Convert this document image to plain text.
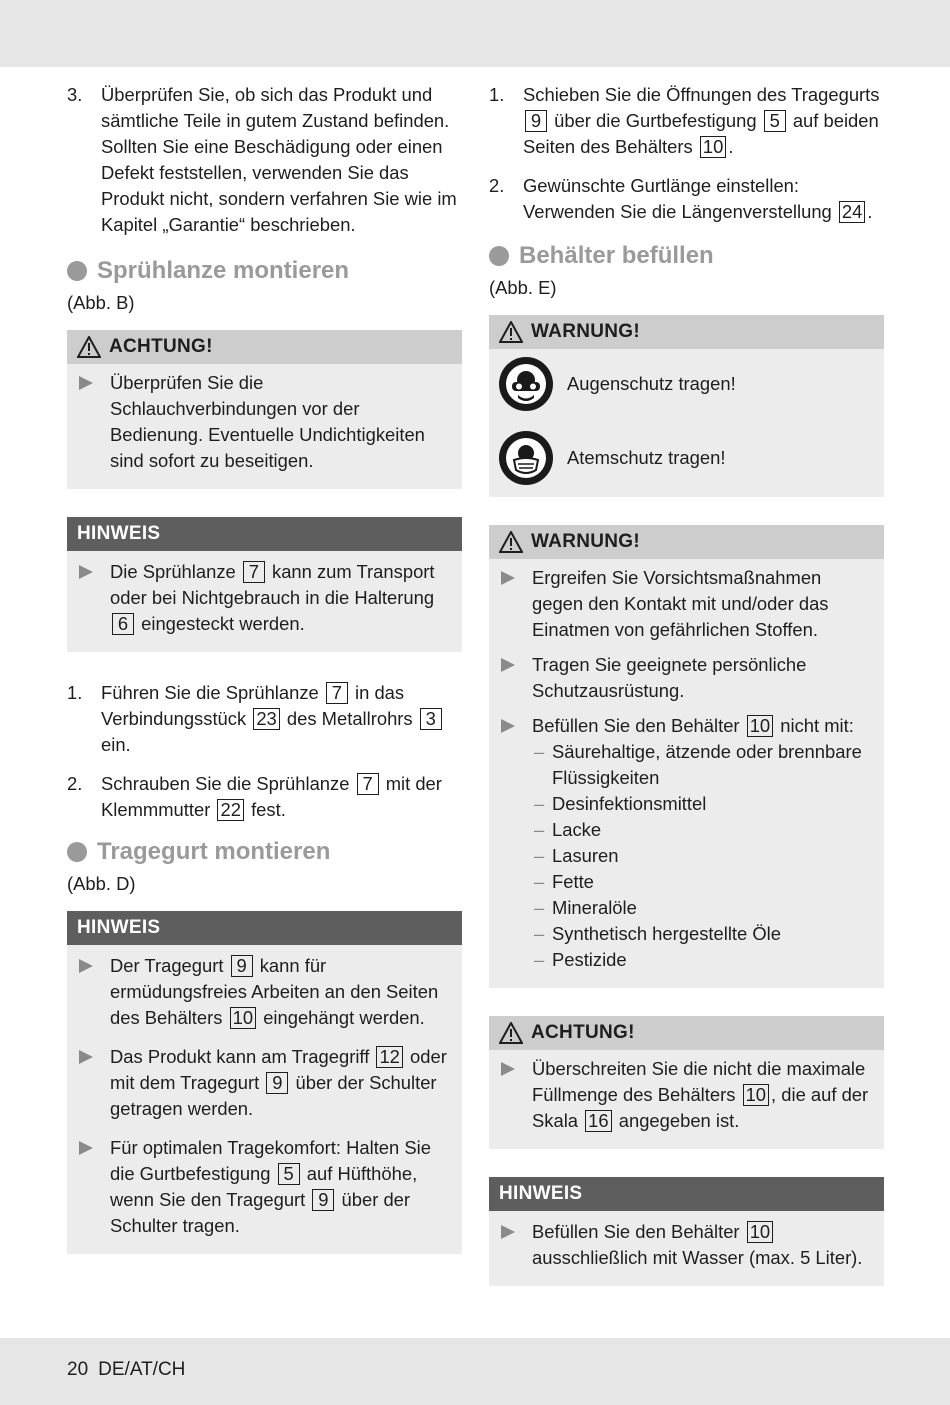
3. Überprüfen Sie, ob sich das Produkt und sämtliche Teile in gutem Zustand befinden. Sollten Sie eine Beschädigung oder einen Defekt feststellen, verwenden Sie das Produkt nicht, sondern verfahren Sie wie im Kapitel „Garantie“ beschrieben.
Sprühlanze montieren
(Abb. B)
ACHTUNG!
Überprüfen Sie die Schlauchverbindungen vor der Bedienung. Eventuelle Undichtigkeiten sind sofort zu beseitigen.
HINWEIS
Die Sprühlanze 7 kann zum Transport oder bei Nichtgebrauch in die Halterung 6 eingesteckt werden.
1. Führen Sie die Sprühlanze 7 in das Verbindungsstück 23 des Metallrohrs 3 ein.
2. Schrauben Sie die Sprühlanze 7 mit der Klemmmutter 22 fest.
Tragegurt montieren
(Abb. D)
HINWEIS
Der Tragegurt 9 kann für ermüdungsfreies Arbeiten an den Seiten des Behälters 10 eingehängt werden.
Das Produkt kann am Tragegriff 12 oder mit dem Tragegurt 9 über der Schulter getragen werden.
Für optimalen Tragekomfort: Halten Sie die Gurtbefestigung 5 auf Hüfthöhe, wenn Sie den Tragegurt 9 über der Schulter tragen.
1. Schieben Sie die Öffnungen des Tragegurts 9 über die Gurtbefestigung 5 auf beiden Seiten des Behälters 10 .
2. Gewünschte Gurtlänge einstellen: Verwenden Sie die Längenverstellung 24 .
Behälter befüllen
(Abb. E)
WARNUNG!
Augenschutz tragen!
Atemschutz tragen!
WARNUNG!
Ergreifen Sie Vorsichtsmaßnahmen gegen den Kontakt mit und/oder das Einatmen von gefährlichen Stoffen.
Tragen Sie geeignete persönliche Schutzausrüstung.
Befüllen Sie den Behälter 10 nicht mit:
– Säurehaltige, ätzende oder brennbare Flüssigkeiten
– Desinfektionsmittel
– Lacke
– Lasuren
– Fette
– Mineralöle
– Synthetisch hergestellte Öle
– Pestizide
ACHTUNG!
Überschreiten Sie die nicht die maximale Füllmenge des Behälters 10 , die auf der Skala 16 angegeben ist.
HINWEIS
Befüllen Sie den Behälter 10 ausschließlich mit Wasser (max. 5 Liter).
20 DE/AT/CH
